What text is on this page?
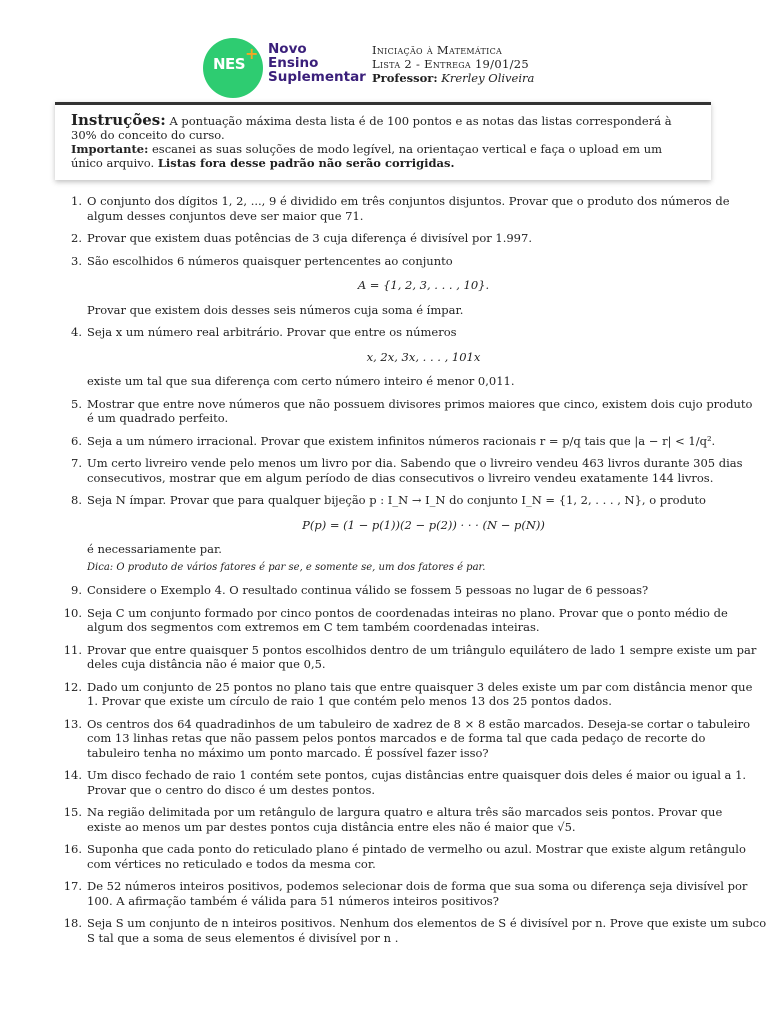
NES
+ Novo
Ensino
Suplementar
Iniciação à Matemática
Lista 2 - Entrega 19/01/25
Professor: Krerley Oliveira
Instruções: A pontuação máxima desta lista é de 100 pontos e as notas das listas corresponderá à 30% do conceito do curso.
Importante: escanei as suas soluções de modo legível, na orientaçao vertical e faça o upload em um único arquivo. Listas fora desse padrão não serão corrigidas.
1. O conjunto dos dígitos 1, 2, ..., 9 é dividido em três conjuntos disjuntos. Provar que o produto dos números de algum desses conjuntos deve ser maior que 71.
2. Provar que existem duas potências de 3 cuja diferença é divisível por 1.997.
3. São escolhidos 6 números quaisquer pertencentes ao conjunto
A = {1, 2, 3, . . . , 10}.
Provar que existem dois desses seis números cuja soma é ímpar.
4. Seja x um número real arbitrário. Provar que entre os números
x, 2x, 3x, . . . , 101x
existe um tal que sua diferença com certo número inteiro é menor 0,011.
5. Mostrar que entre nove números que não possuem divisores primos maiores que cinco, existem dois cujo produto é um quadrado perfeito.
6. Seja a um número irracional. Provar que existem infinitos números racionais r = p/q tais que |a − r| < 1/q².
7. Um certo livreiro vende pelo menos um livro por dia. Sabendo que o livreiro vendeu 463 livros durante 305 dias consecutivos, mostrar que em algum período de dias consecutivos o livreiro vendeu exatamente 144 livros.
8. Seja N ímpar. Provar que para qualquer bijeção p : I_N → I_N do conjunto I_N = {1, 2, . . . , N}, o produto
P(p) = (1 − p(1))(2 − p(2)) · · · (N − p(N))
é necessariamente par.
Dica: O produto de vários fatores é par se, e somente se, um dos fatores é par.
9. Considere o Exemplo 4. O resultado continua válido se fossem 5 pessoas no lugar de 6 pessoas?
10. Seja C um conjunto formado por cinco pontos de coordenadas inteiras no plano. Provar que o ponto médio de algum dos segmentos com extremos em C tem também coordenadas inteiras.
11. Provar que entre quaisquer 5 pontos escolhidos dentro de um triângulo equilátero de lado 1 sempre existe um par deles cuja distância não é maior que 0,5.
12. Dado um conjunto de 25 pontos no plano tais que entre quaisquer 3 deles existe um par com distância menor que 1. Provar que existe um círculo de raio 1 que contém pelo menos 13 dos 25 pontos dados.
13. Os centros dos 64 quadradinhos de um tabuleiro de xadrez de 8 × 8 estão marcados. Deseja-se cortar o tabuleiro com 13 linhas retas que não passem pelos pontos marcados e de forma tal que cada pedaço de recorte do tabuleiro tenha no máximo um ponto marcado. É possível fazer isso?
14. Um disco fechado de raio 1 contém sete pontos, cujas distâncias entre quaisquer dois deles é maior ou igual a 1. Provar que o centro do disco é um destes pontos.
15. Na região delimitada por um retângulo de largura quatro e altura três são marcados seis pontos. Provar que existe ao menos um par destes pontos cuja distância entre eles não é maior que √5.
16. Suponha que cada ponto do reticulado plano é pintado de vermelho ou azul. Mostrar que existe algum retângulo com vértices no reticulado e todos da mesma cor.
17. De 52 números inteiros positivos, podemos selecionar dois de forma que sua soma ou diferença seja divisível por 100. A afirmação também é válida para 51 números inteiros positivos?
18. Seja S um conjunto de n inteiros positivos. Nenhum dos elementos de S é divisível por n. Prove que existe um subco
S tal que a soma de seus elementos é divisível por n .
